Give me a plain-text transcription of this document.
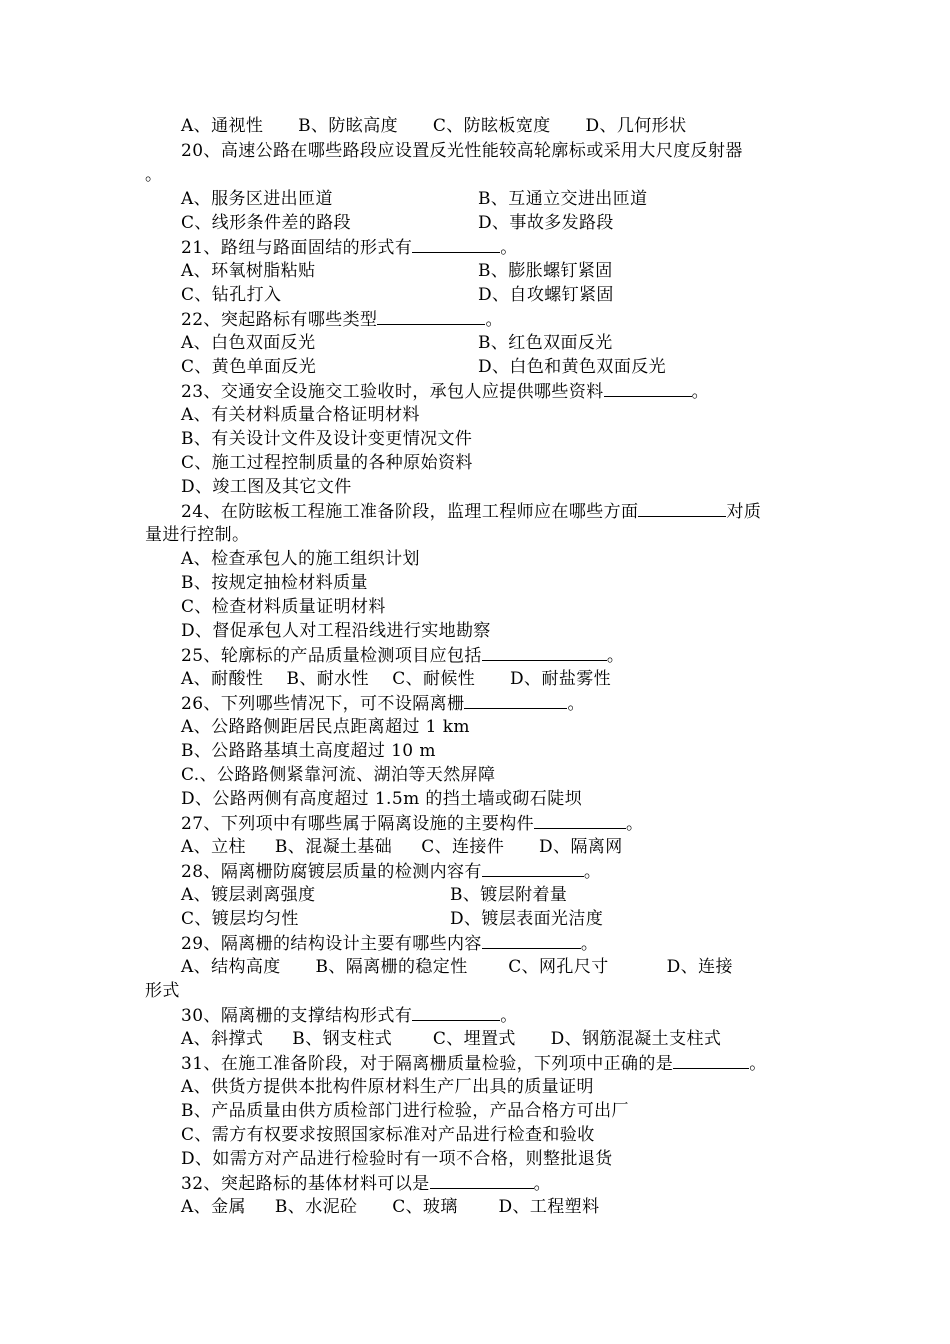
A、通视性      B、防眩高度      C、防眩板宽度      D、几何形状
20、高速公路在哪些路段应设置反光性能较高轮廓标或采用大尺度反射器
。
A、服务区进出匝道	B、互通立交进出匝道
C、线形条件差的路段	D、事故多发路段
21、路纽与路面固结的形式有	。
A、环氧树脂粘贴	B、膨胀螺钉紧固
C、钻孔打入	D、自攻螺钉紧固
22、突起路标有哪些类型	。
A、白色双面反光	B、红色双面反光
C、黄色单面反光	D、白色和黄色双面反光
23、交通安全设施交工验收时，承包人应提供哪些资料	。
A、有关材料质量合格证明材料
B、有关设计文件及设计变更情况文件
C、施工过程控制质量的各种原始资料
D、竣工图及其它文件
24、在防眩板工程施工准备阶段，监理工程师应在哪些方面	对质
量进行控制。
A、检查承包人的施工组织计划
B、按规定抽检材料质量
C、检查材料质量证明材料
D、督促承包人对工程沿线进行实地勘察
25、轮廓标的产品质量检测项目应包括	。
A、耐酸性    B、耐水性    C、耐候性      D、耐盐雾性
26、下列哪些情况下，可不设隔离栅	。
A、公路路侧距居民点距离超过 1 km
B、公路路基填土高度超过 10 m
C.、公路路侧紧靠河流、湖泊等天然屏障
D、公路两侧有高度超过 1.5m 的挡土墙或砌石陡坝
27、下列项中有哪些属于隔离设施的主要构件	。
A、立柱     B、混凝土基础     C、连接件      D、隔离网
28、隔离栅防腐镀层质量的检测内容有	。
A、镀层剥离强度	B、镀层附着量
C、镀层均匀性	D、镀层表面光洁度
29、隔离栅的结构设计主要有哪些内容	。
A、结构高度      B、隔离栅的稳定性       C、网孔尺寸          D、连接
形式
30、隔离栅的支撑结构形式有	。
A、斜撑式     B、钢支柱式       C、埋置式      D、钢筋混凝土支柱式
31、在施工准备阶段，对于隔离栅质量检验，下列项中正确的是	。
A、供货方提供本批构件原材料生产厂出具的质量证明
B、产品质量由供方质检部门进行检验，产品合格方可出厂
C、需方有权要求按照国家标准对产品进行检查和验收
D、如需方对产品进行检验时有一项不合格，则整批退货
32、突起路标的基体材料可以是	。
A、金属     B、水泥砼      C、玻璃       D、工程塑料
